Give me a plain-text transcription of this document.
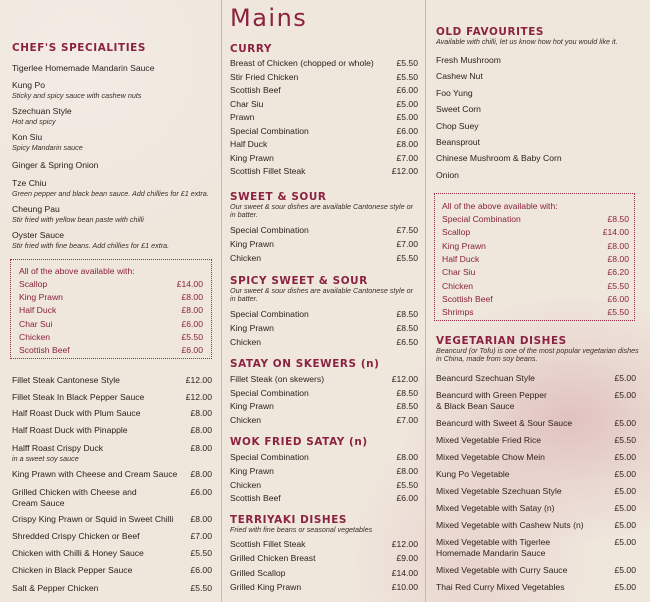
CHEF'S SPECIALITIES
Tigerlee Homemade Mandarin Sauce
Kung Po
Sticky and spicy sauce with cashew nuts
Szechuan Style
Hot and spicy
Kon Siu
Spicy Mandarin sauce
Ginger & Spring Onion
Tze Chiu
Green pepper and black bean sauce. Add chillies for £1 extra.
Cheung Pau
Stir fried with yellow bean paste with chilli
Oyster Sauce
Stir fried with fine beans. Add chillies for £1 extra.
All of the above available with:
Scallop	£14.00
King Prawn	£8.00
Half Duck	£8.00
Char Sui	£6.00
Chicken	£5.50
Scottish Beef	£6.00
Fillet Steak Cantonese Style	£12.00
Fillet Steak In Black Pepper Sauce	£12.00
Half Roast Duck with Plum Sauce	£8.00
Half Roast Duck with Pinapple	£8.00
Halff Roast Crispy Duck	£8.00
in a sweet soy sauce
King Prawn with Cheese and Cream Sauce £8.00
Grilled Chicken with Cheese and	£6.00
Cream Sauce
Crispy King Prawn or Squid in Sweet Chilli £8.00
Shredded Crispy Chicken or Beef	£7.00
Chicken with Chilli & Honey Sauce	£5.50
Chicken in Black Pepper Sauce	£6.00
Salt & Pepper Chicken	£5.50
Mains
CURRY
Breast of Chicken (chopped or whole)	£5.50
Stir Fried Chicken	£5.50
Scottish Beef	£6.00
Char Siu	£5.00
Prawn	£5.00
Special Combination	£6.00
Half Duck	£8.00
King Prawn	£7.00
Scottish Fillet Steak	£12.00
SWEET & SOUR
Our sweet & sour dishes are available Cantonese style or in batter.
Special Combination	£7.50
King Prawn	£7.00
Chicken	£5.50
SPICY SWEET & SOUR
Our sweet & sour dishes are available Cantonese style or in batter.
Special Combination	£8.50
King Prawn	£8.50
Chicken	£6.50
SATAY ON SKEWERS (n)
Fillet Steak (on skewers)	£12.00
Special Combination	£8.50
King Prawn	£8.50
Chicken	£7.00
WOK FRIED SATAY (n)
Special Combination	£8.00
King Prawn	£8.00
Chicken	£5.50
Scottish Beef	£6.00
TERRIYAKI DISHES
Fried with fine beans or seasonal vegetables
Scottish Fillet Steak	£12.00
Grilled Chicken Breast	£9.00
Grilled Scallop	£14.00
Grilled King Prawn	£10.00
OLD FAVOURITES
Available with chilli, let us know how hot you would like it.
Fresh Mushroom
Cashew Nut
Foo Yung
Sweet Corn
Chop Suey
Beansprout
Chinese Mushroom & Baby Corn
Onion
All of the above available with:
Special Combination	£8.50
Scallop	£14.00
King Prawn	£8.00
Half Duck	£8.00
Char Siu	£6.20
Chicken	£5.50
Scottish Beef	£6.00
Shrimps	£5.50
VEGETARIAN DISHES
Beancurd (or Tofu) is one of the most popular vegetarian dishes in China, made from soy beans.
Beancurd Szechuan Style	£5.00
Beancurd with Green Pepper	£5.00
& Black Bean Sauce
Beancurd with Sweet & Sour Sauce	£5.00
Mixed Vegetable Fried Rice	£5.50
Mixed Vegetable Chow Mein	£5.00
Kung Po Vegetable	£5.00
Mixed Vegetable Szechuan Style	£5.00
Mixed Vegetable with Satay (n)	£5.00
Mixed Vegetable with Cashew Nuts (n)	£5.00
Mixed Vegetable with Tigerlee	£5.00
Homemade Mandarin Sauce
Mixed Vegetable with Curry Sauce	£5.00
Thai Red Curry Mixed Vegetables	£5.00
